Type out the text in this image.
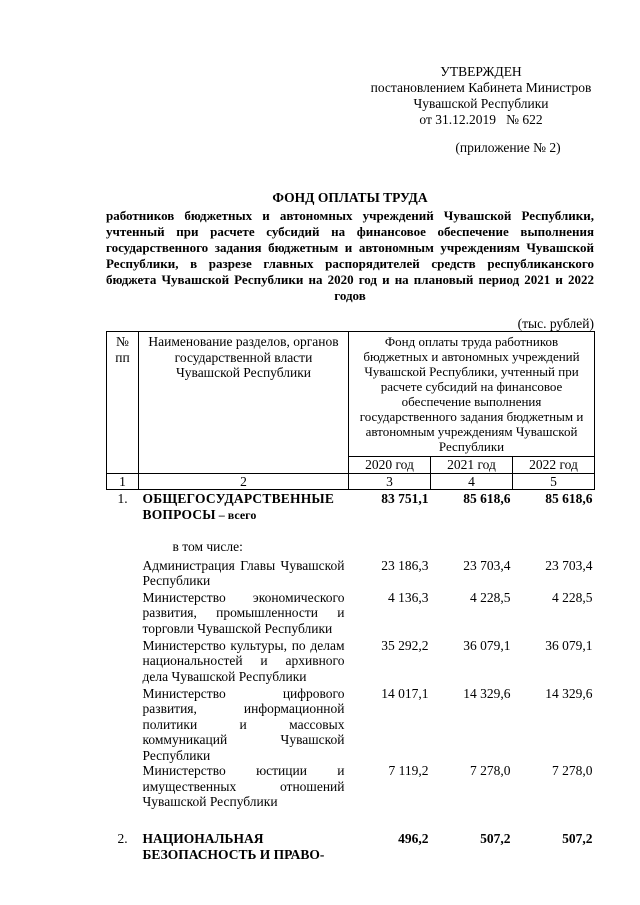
УТВЕРЖДЕН
постановлением Кабинета Министров
Чувашской Республики
от 31.12.2019   № 622
(приложение № 2)
ФОНД ОПЛАТЫ ТРУДА
работников бюджетных и автономных учреждений Чувашской Республики, учтенный при расчете субсидий на финансовое обеспечение выполнения государственного задания бюджетным и автономным учреждениям Чувашской Республики, в разрезе главных распорядителей средств республиканского бюджета Чувашской Республики на 2020 год и на плановый период 2021 и 2022 годов
(тыс. рублей)
№ пп	Наименование разделов, органов государственной власти Чувашской Республики	Фонд оплаты труда работников бюджетных и автономных учреждений Чувашской Республики, учтенный при расчете субсидий на финансовое обеспечение выполнения государственного задания бюджетным и автономным учреждениям Чувашской Республики		
		2020 год	2021 год	2022 год
1	2	3	4	5
1.	ОБЩЕГОСУДАРСТВЕННЫЕ ВОПРОСЫ – всего	83 751,1	85 618,6	85 618,6
	в том числе:			
	Администрация Главы Чувашской Республики	23 186,3	23 703,4	23 703,4
	Министерство экономического развития, промышленности и торговли Чувашской Республики	4 136,3	4 228,5	4 228,5
	Министерство культуры, по делам национальностей и архивного дела Чувашской Республики	35 292,2	36 079,1	36 079,1
	Министерство цифрового развития, информационной политики и массовых коммуникаций Чувашской Республики	14 017,1	14 329,6	14 329,6
	Министерство юстиции и имущественных отношений Чувашской Республики	7 119,2	7 278,0	7 278,0
2.	НАЦИОНАЛЬНАЯ БЕЗОПАСНОСТЬ И ПРАВО-	496,2	507,2	507,2
